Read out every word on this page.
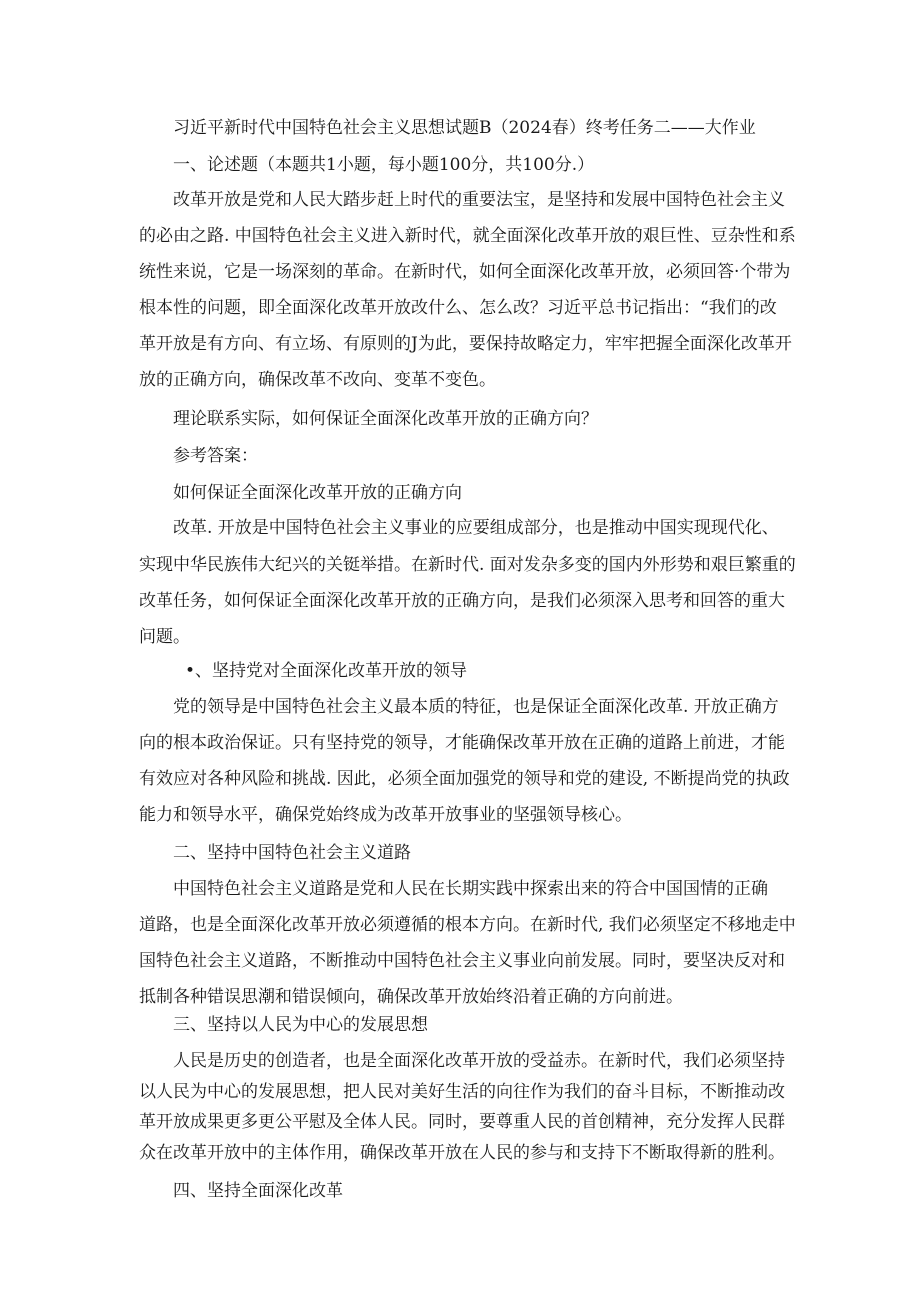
习近平新时代中国特色社会主义思想试题B（2024春）终考任务二——大作业

一、论述题（本题共1小题，每小题100分，共100分.）

改革开放是党和人民大踏步赶上时代的重要法宝，是坚持和发展中国特色社会主义

的必由之路. 中国特色社会主义进入新时代，就全面深化改革开放的艰巨性、豆杂性和系

统性来说，它是一场深刻的革命。在新时代，如何全面深化改革开放，必须回答·个带为

根本性的问题，即全面深化改革开放改什么、怎么改？习近平总书记指出：“我们的改

革开放是有方向、有立场、有原则的J为此，要保持故略定力，牢牢把握全面深化改革开

放的正确方向，确保改革不改向、变革不变色。

理论联系实际，如何保证全面深化改革开放的正确方向？

参考答案：

如何保证全面深化改革开放的正确方向

改革. 开放是中国特色社会主义事业的应要组成部分，也是推动中国实现现代化、

实现中华民族伟大纪兴的关铤举措。在新时代. 面对发杂多变的国内外形势和艰巨繁重的

改革任务，如何保证全面深化改革开放的正确方向，是我们必须深入思考和回答的重大

问题。

•、坚持党对全面深化改革开放的领导

党的领导是中国特色社会主义最本质的特征，也是保证全面深化改革. 开放正确方

向的根本政治保证。只有坚持党的领导，才能确保改革开放在正确的道路上前进，才能

有效应对各种风险和挑战. 因此，必须全面加强党的领导和党的建设, 不断提尚党的执政

能力和领导水平，确保党始终成为改革开放事业的坚强领导核心。

二、坚持中国特色社会主义道路

中国特色社会主义道路是党和人民在长期实践中探索出来的符合中国国情的正确

道路，也是全面深化改革开放必须遵循的根本方向。在新时代, 我们必须坚定不移地走中

国特色社会主义道路，不断推动中国特色社会主义事业向前发展。同时，要坚决反对和

抵制各种错误思潮和错误倾向，确保改革开放始终沿着正确的方向前进。

三、坚持以人民为中心的发展思想

人民是历史的创造者，也是全面深化改革开放的受益赤。在新时代，我们必须坚持

以人民为中心的发展思想，把人民对美好生活的向往作为我们的奋斗目标，不断推动改

革开放成果更多更公平慰及全体人民。同时，要尊重人民的首创精神，充分发挥人民群

众在改革开放中的主体作用，确保改革开放在人民的参与和支持下不断取得新的胜利。

四、坚持全面深化改革
